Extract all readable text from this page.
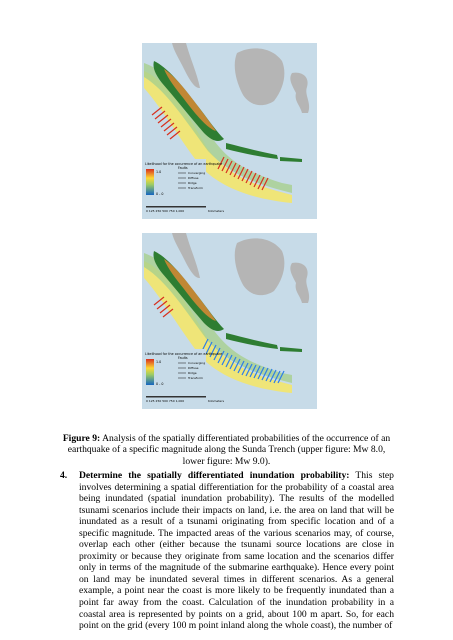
Likelihood for the occurrence of an earthquake
1.0
0 - 0
Faults
Converging
Diffuse
Ridge
Transform
0 125 250 500 750 1,000	Kilometers
Likelihood for the occurrence of an earthquake
1.0
0 - 0
Faults
Converging
Diffuse
Ridge
Transform
0 125 250 500 750 1,000	Kilometers
Figure 9: Analysis of the spatially differentiated probabilities of the occurrence of an earthquake of a specific magnitude along the Sunda Trench (upper figure: Mw 8.0, lower figure: Mw 9.0).
4. Determine the spatially differentiated inundation probability: This step involves determining a spatial differentiation for the probability of a coastal area being inundated (spatial inundation probability). The results of the modelled tsunami scenarios include their impacts on land, i.e. the area on land that will be inundated as a result of a tsunami originating from specific location and of a specific magnitude. The impacted areas of the various scenarios may, of course, overlap each other (either because the tsunami source locations are close in proximity or because they originate from same location and the scenarios differ only in terms of the magnitude of the submarine earthquake). Hence every point on land may be inundated several times in different scenarios. As a general example, a point near the coast is more likely to be frequently inundated than a point far away from the coast. Calculation of the inundation probability in a coastal area is represented by points on a grid, about 100 m apart. So, for each point on the grid (every 100 m point inland along the whole coast), the number of
